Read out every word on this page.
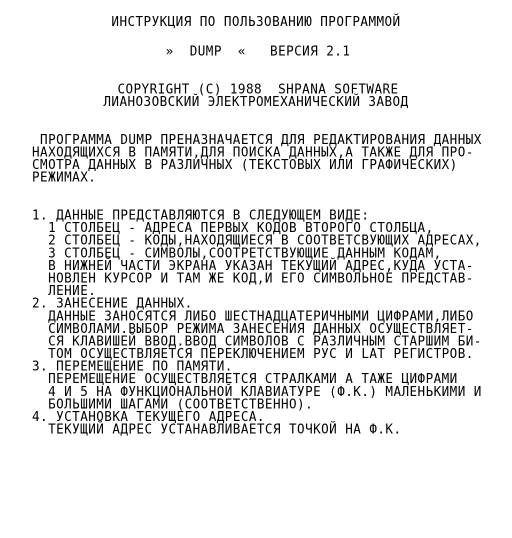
ИНСТРУКЦИЯ ПО ПОЛЬЗОВАНИЮ ПРОГРАММОЙ
»  DUMP  «   ВЕРСИЯ 2.1
COPYRIGHT (C) 1988  SHPANA SOFTWARE
ЛИАНОЗОВСКИЙ ЭЛЕКТРОМЕХАНИЧЕСКИЙ ЗАВОД
ПРОГРАММА DUMP ПРЕНАЗНАЧАЕТСЯ ДЛЯ РЕДАКТИРОВАНИЯ ДАННЫХ
НАХОДЯЩИХСЯ В ПАМЯТИ,ДЛЯ ПОИСКА ДАННЫХ,А ТАКЖЕ ДЛЯ ПРО-
СМОТРА ДАННЫХ В РАЗЛИЧНЫХ (ТЕКСТОВЫХ ИЛИ ГРАФИЧЕСКИХ)
РЕЖИМАХ.
1. ДАННЫЕ ПРЕДСТАВЛЯЮТСЯ В СЛЕДУЮЩЕМ ВИДЕ:
1 СТОЛБЕЦ - АДРЕСА ПЕРВЫХ КОДОВ ВТОРОГО СТОЛБЦА,
2 СТОЛБЕЦ - КОДЫ,НАХОДЯЩИЕСЯ В СООТВЕТСВУЮЩИХ АДРЕСАХ,
3 СТОЛБЕЦ - СИМВОЛЫ,СООТРЕТСТВУЮЩИЕ ДАННЫМ КОДАМ,
В НИЖНЕЙ ЧАСТИ ЭКРАНА УКАЗАН ТЕКУЩИЙ АДРЕС,КУДА УСТА-
НОВЛЕН КУРСОР И ТАМ ЖЕ КОД,И ЕГО СИМВОЛЬНОЕ ПРЕДСТАВ-
ЛЕНИЕ.
2. ЗАНЕСЕНИЕ ДАННЫХ.
ДАННЫЕ ЗАНОСЯТСЯ ЛИБО ШЕСТНАДЦАТЕРИЧНЫМИ ЦИФРАМИ,ЛИБО
СИМВОЛАМИ.ВЫБОР РЕЖИМА ЗАНЕСЕНИЯ ДАННЫХ ОСУЩЕСТВЛЯЕТ-
СЯ КЛАВИШЕЙ ВВОД.ВВОД СИМВОЛОВ С РАЗЛИЧНЫМ СТАРШИМ БИ-
ТОМ ОСУЩЕСТВЛЯЕТСЯ ПЕРЕКЛЮЧЕНИЕМ РУС И LAT РЕГИСТРОВ.
3. ПЕРЕМЕЩЕНИЕ ПО ПАМЯТИ.
ПЕРЕМЕЩЕНИЕ ОСУЩЕСТВЛЯЕТСЯ СТРАЛКАМИ А ТАЖЕ ЦИФРАМИ
4 И 5 НА ФУНКЦИОНАЛЬНОЙ КЛАВИАТУРЕ (Ф.К.) МАЛЕНЬКИМИ И
БОЛЬШИМИ ШАГАМИ (СООТВЕТСТВЕННО).
4. УСТАНОВКА ТЕКУЩЕГО АДРЕСА.
ТЕКУЩИЙ АДРЕС УСТАНАВЛИВАЕТСЯ ТОЧКОЙ НА Ф.К.
